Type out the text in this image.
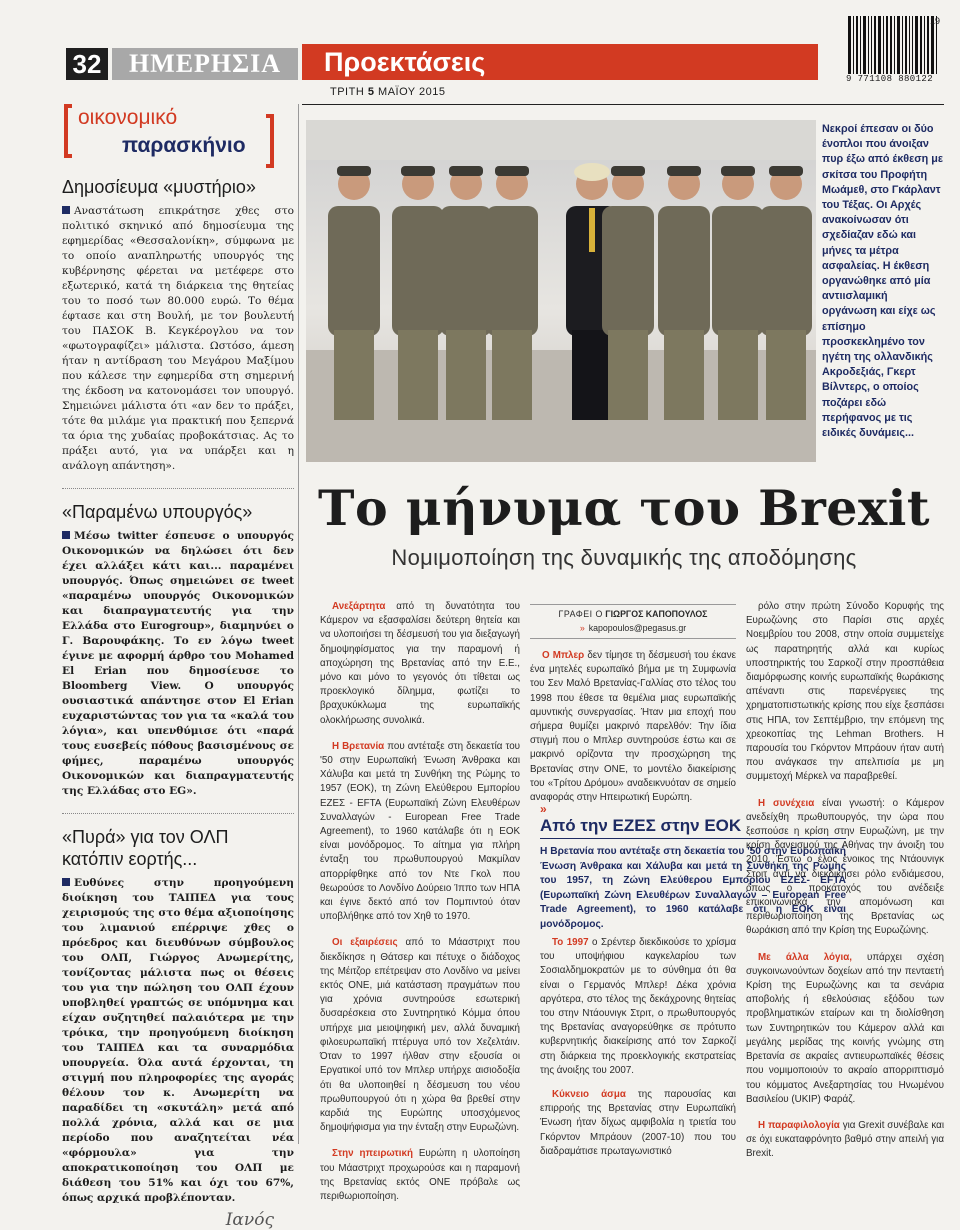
32	ΗΜΕΡΗΣΙΑ	Προεκτάσεις
ΤΡΙΤΗ 5 ΜΑΪΟΥ 2015
9 771108 880122
19
οικονομικό
παρασκήνιο
Δημοσίευμα «μυστήριο»

Αναστάτωση επικράτησε χθες στο πολιτικό σκηνικό από δημοσίευμα της εφημερίδας «Θεσσαλονίκη», σύμφωνα με το οποίο αναπληρωτής υπουργός της κυβέρνησης φέρεται να μετέφερε στο εξωτερικό, κατά τη διάρκεια της θητείας του το ποσό των 80.000 ευρώ. Το θέμα έφτασε και στη Βουλή, με τον βουλευτή του ΠΑΣΟΚ Β. Κεγκέρογλου να τον «φωτογραφίζει» μάλιστα. Ωστόσο, άμεση ήταν η αντίδραση του Μεγάρου Μαξίμου που κάλεσε την εφημερίδα στη σημερινή της έκδοση να κατονομάσει τον υπουργό. Σημειώνει μάλιστα ότι «αν δεν το πράξει, τότε θα μιλάμε για πρακτική που ξεπερνά τα όρια της χυδαίας προβοκάτσιας. Ας το πράξει αυτό, για να υπάρξει και η ανάλογη απάντηση».

«Παραμένω υπουργός»

Μέσω twitter έσπευσε ο υπουργός Οικονομικών να δηλώσει ότι δεν έχει αλλάξει κάτι και... παραμένει υπουργός. Όπως σημειώνει σε tweet «παραμένω υπουργός Οικονομικών και διαπραγματευτής για την Ελλάδα στο Eurogroup», διαμηνύει ο Γ. Βαρουφάκης. Το εν λόγω tweet έγινε με αφορμή άρθρο του Mohamed El Erian που δημοσίευσε το Bloomberg View. Ο υπουργός ουσιαστικά απάντησε στον El Erian ευχαριστώντας τον για τα «καλά του λόγια», και υπενθύμισε ότι «παρά τους ευσεβείς πόθους βασισμένους σε φήμες, παραμένω υπουργός Οικονομικών και διαπραγματευτής της Ελλάδας στο EG».

«Πυρά» για τον ΟΛΠ κατόπιν εορτής...

Ευθύνες στην προηγούμενη διοίκηση του ΤΑΙΠΕΔ για τους χειρισμούς της στο θέμα αξιοποίησης του λιμανιού επέρριψε χθες ο πρόεδρος και διευθύνων σύμβουλος του ΟΛΠ, Γιώργος Ανωμερίτης, τονίζοντας μάλιστα πως οι θέσεις του για την πώληση του ΟΛΠ έχουν υποβληθεί γραπτώς σε υπόμνημα και είχαν συζητηθεί παλαιότερα με την τρόικα, την προηγούμενη διοίκηση του ΤΑΙΠΕΔ και τα συναρμόδια υπουργεία. Όλα αυτά έρχονται, τη στιγμή που πληροφορίες της αγοράς θέλουν τον κ. Ανωμερίτη να παραδίδει τη «σκυτάλη» μετά από πολλά χρόνια, αλλά και σε μια περίοδο που αναζητείται νέα «φόρμουλα» για την αποκρατικοποίηση του ΟΛΠ με διάθεση του 51% και όχι του 67%, όπως αρχικά προβλέπονταν.

Ιανός
Νεκροί έπεσαν οι δύο ένοπλοι που άνοιξαν πυρ έξω από έκθεση με σκίτσα του Προφήτη Μωάμεθ, στο Γκάρλαντ του Τέξας. Οι Αρχές ανακοίνωσαν ότι σχεδίαζαν εδώ και μήνες τα μέτρα ασφαλείας. Η έκθεση οργανώθηκε από μία αντιισλαμική οργάνωση και είχε ως επίσημο προσκεκλημένο τον ηγέτη της ολλανδικής Ακροδεξιάς, Γκερτ Βίλντερς, ο οποίος ποζάρει εδώ περήφανος με τις ειδικές δυνάμεις...
Το μήνυμα του Brexit
Νομιμοποίηση της δυναμικής της αποδόμησης

Ανεξάρτητα από τη δυνατότητα του Κάμερον να εξασφαλίσει δεύτερη θητεία και να υλοποιήσει τη δέσμευσή του για διεξαγωγή δημοψηφίσματος για την παραμονή ή αποχώρηση της Βρετανίας από την Ε.Ε., μόνο και μόνο το γεγονός ότι τίθεται ως προεκλογικό δίλημμα, φωτίζει το βραχυκύκλωμα της ευρωπαϊκής ολοκλήρωσης συνολικά.

Η Βρετανία που αντέταξε στη δεκαετία του '50 στην Ευρωπαϊκή Ένωση Άνθρακα και Χάλυβα και μετά τη Συνθήκη της Ρώμης το 1957 (ΕΟΚ), τη Ζώνη Ελεύθερου Εμπορίου ΕΖΕΣ - EFTA (Ευρωπαϊκή Ζώνη Ελευθέρων Συναλλαγών - European Free Trade Agreement), το 1960 κατάλαβε ότι η ΕΟΚ είναι μονόδρομος. Το αίτημα για πλήρη ένταξη του πρωθυπουργού Μακμίλαν απορρίφθηκε από τον Ντε Γκολ που θεωρούσε το Λονδίνο Δούρειο Ίππο των ΗΠΑ και έγινε δεκτό από τον Πομπιντού όταν υποβλήθηκε από τον Χηθ το 1970.

Οι εξαιρέσεις από το Μάαστριχτ που διεκδίκησε η Θάτσερ και πέτυχε ο διάδοχος της Μέιτζορ επέτρεψαν στο Λονδίνο να μείνει εκτός ΟΝΕ, μιά κατάσταση πραγμάτων που για χρόνια συντηρούσε εσωτερική δυσαρέσκεια στο Συντηρητικό Κόμμα όπου υπήρχε μια μειοψηφική μεν, αλλά δυναμική φιλοευρωπαϊκή πτέρυγα υπό τον Χεζελτάιν. Όταν το 1997 ήλθαν στην εξουσία οι Εργατικοί υπό τον Μπλερ υπήρχε αισιοδοξία ότι θα υλοποιηθεί η δέσμευση του νέου πρωθυπουργού ότι η χώρα θα βρεθεί στην καρδιά της Ευρώπης υποσχόμενος δημοψήφισμα για την ένταξη στην Ευρωζώνη.

Στην ηπειρωτική Ευρώπη η υλοποίηση του Μάαστριχτ προχωρούσε και η παραμονή της Βρετανίας εκτός ΟΝΕ πρόβαλε ως περιθωριοποίηση.

ΓΡΑΦΕΙ Ο ΓΙΩΡΓΟΣ ΚΑΠΟΠΟΥΛΟΣ
» kapopoulos@pegasus.gr

Ο Μπλερ δεν τίμησε τη δέσμευσή του έκανε ένα μητελές ευρωπαϊκό βήμα με τη Συμφωνία του Σεν Μαλό Βρετανίας-Γαλλίας στο τέλος του 1998 που έθεσε τα θεμέλια μιας ευρωπαϊκής αμυντικής συνεργασίας. Ήταν μια εποχή που σήμερα θυμίζει μακρινό παρελθόν: Την ίδια στιγμή που ο Μπλερ συντηρούσε έστω και σε μακρινό ορίζοντα την προσχώρηση της Βρετανίας στην ΟΝΕ, το μοντέλο διακείρισης του «Τρίτου Δρόμου» αναδεικνυόταν σε σημείο αναφοράς στην Ηπειρωτική Ευρώπη.

» Από την ΕΖΕΣ στην ΕΟΚ
Η Βρετανία που αντέταξε στη δεκαετία του '50 στην Ευρωπαϊκή Ένωση Άνθρακα και Χάλυβα και μετά τη Συνθήκη της Ρώμης του 1957, τη Ζώνη Ελεύθερου Εμπορίου ΕΖΕΣ- EFTA (Ευρωπαϊκή Ζώνη Ελευθέρων Συναλλαγών – European Free Trade Agreement), το 1960 κατάλαβε ότι η ΕΟΚ είναι μονόδρομος.

Το 1997 ο Σρέντερ διεκδικούσε το χρίσμα του υποψήφιου καγκελαρίου των Σοσιαλδημοκρατών με το σύνθημα ότι θα είναι ο Γερμανός Μπλερ! Δέκα χρόνια αργότερα, στο τέλος της δεκάχρονης θητείας του στην Ντάουνιγκ Στριτ, ο πρωθυπουργός της Βρετανίας αναγορεύθηκε σε πρότυπο κυβερνητικής διακείρισης από τον Σαρκοζί στη διάρκεια της προεκλογικής εκστρατείας της άνοιξης του 2007.

Κύκνειο άσμα της παρουσίας και επιρροής της Βρετανίας στην Ευρωπαϊκή Ένωση ήταν δίχως αμφιβολία η τριετία του Γκόρντον Μπράουν (2007-10) που του διαδραμάτισε πρωταγωνιστικό

ρόλο στην πρώτη Σύνοδο Κορυφής της Ευρωζώνης στο Παρίσι στις αρχές Νοεμβρίου του 2008, στην οποία συμμετείχε ως παρατηρητής αλλά και κυρίως υποστηρικτής του Σαρκοζί στην προσπάθεια διαμόρφωσης κοινής ευρωπαϊκής θωράκισης απέναντι στις παρενέργειες της χρηματοπιστωτικής κρίσης που είχε ξεσπάσει στις ΗΠΑ, τον Σεπτέμβριο, την επόμενη της χρεοκοπίας της Lehman Brothers. Η παρουσία του Γκόρντον Μπράουν ήταν αυτή που ανάγκασε την απελπισία με μη συμμετοχή Μέρκελ να παραβρεθεί.

Η συνέχεια είναι γνωστή: ο Κάμερον ανεδείχθη πρωθυπουργός, την ώρα που ξεσπούσε η κρίση στην Ευρωζώνη, με την κρίση δανεισμού της Αθήνας την άνοιξη του 2010. Έστω ο έλος ένοικος της Ντάουνιγκ Στριτ αντί να διεκδικήσει ρόλο ενδιάμεσου, όπως ο προκάτοχός του ανέδειξε επικοινωνιακά την απομόνωση και περιθωριοποίηση της Βρετανίας ως θωράκιση από την Κρίση της Ευρωζώνης.

Με άλλα λόγια, υπάρχει σχέση συγκοινωνούντων δοχείων από την πενταετή Κρίση της Ευρωζώνης και τα σενάρια αποβολής ή εθελούσιας εξόδου των προβληματικών εταίρων και τη διολίσθηση των Συντηρητικών του Κάμερον αλλά και μεγάλης μερίδας της κοινής γνώμης στη Βρετανία σε ακραίες αντιευρωπαϊκές θέσεις που νομιμοποιούν το ακραίο απορριπτισμό του κόμματος Ανεξαρτησίας του Ηνωμένου Βασιλείου (UKIP) Φαράζ.

Η παραφιλολογία για Grexit συνέβαλε και σε όχι ευκαταφρόνητο βαθμό στην απειλή για Brexit.
